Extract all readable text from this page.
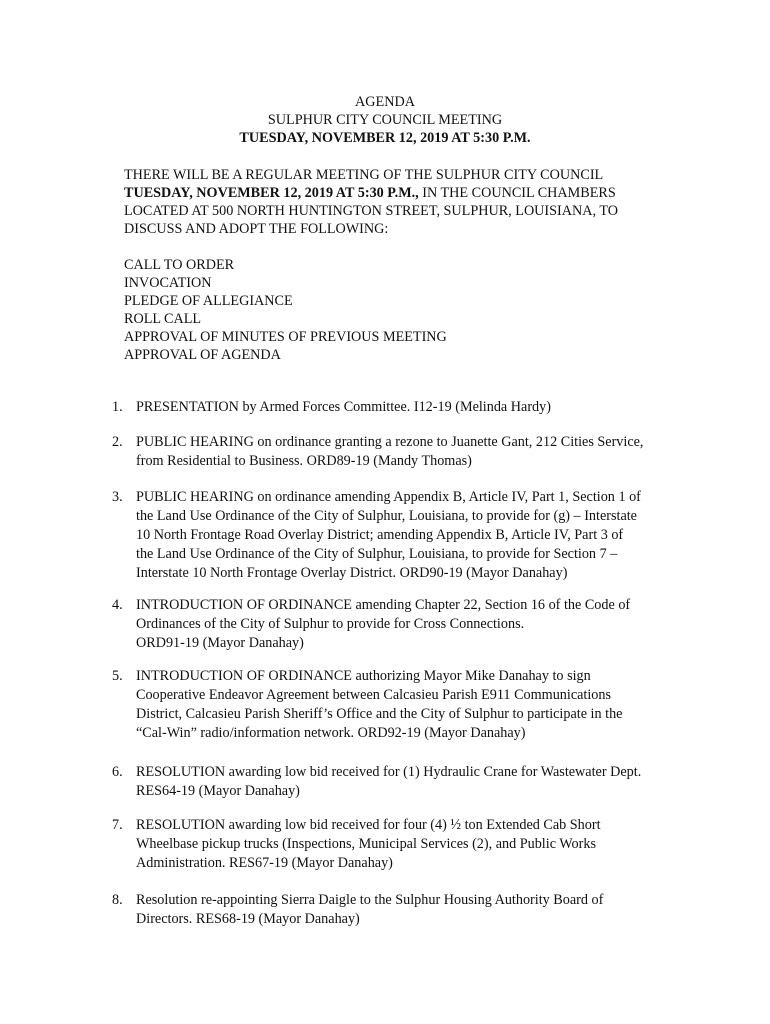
AGENDA
SULPHUR CITY COUNCIL MEETING
TUESDAY, NOVEMBER 12, 2019 AT 5:30 P.M.
THERE WILL BE A REGULAR MEETING OF THE SULPHUR CITY COUNCIL
TUESDAY, NOVEMBER 12, 2019 AT 5:30 P.M., IN THE COUNCIL CHAMBERS
LOCATED AT 500 NORTH HUNTINGTON STREET, SULPHUR, LOUISIANA, TO
DISCUSS AND ADOPT THE FOLLOWING:
CALL TO ORDER
INVOCATION
PLEDGE OF ALLEGIANCE
ROLL CALL
APPROVAL OF MINUTES OF PREVIOUS MEETING
APPROVAL OF AGENDA
1. PRESENTATION by Armed Forces Committee. I12-19 (Melinda Hardy)
2. PUBLIC HEARING on ordinance granting a rezone to Juanette Gant, 212 Cities Service,
from Residential to Business. ORD89-19 (Mandy Thomas)
3. PUBLIC HEARING on ordinance amending Appendix B, Article IV, Part 1, Section 1 of
the Land Use Ordinance of the City of Sulphur, Louisiana, to provide for (g) – Interstate
10 North Frontage Road Overlay District; amending Appendix B, Article IV, Part 3 of
the Land Use Ordinance of the City of Sulphur, Louisiana, to provide for Section 7 –
Interstate 10 North Frontage Overlay District. ORD90-19 (Mayor Danahay)
4. INTRODUCTION OF ORDINANCE amending Chapter 22, Section 16 of the Code of
Ordinances of the City of Sulphur to provide for Cross Connections.
ORD91-19 (Mayor Danahay)
5. INTRODUCTION OF ORDINANCE authorizing Mayor Mike Danahay to sign
Cooperative Endeavor Agreement between Calcasieu Parish E911 Communications
District, Calcasieu Parish Sheriff’s Office and the City of Sulphur to participate in the
“Cal-Win” radio/information network. ORD92-19 (Mayor Danahay)
6. RESOLUTION awarding low bid received for (1) Hydraulic Crane for Wastewater Dept.
RES64-19 (Mayor Danahay)
7. RESOLUTION awarding low bid received for four (4) ½ ton Extended Cab Short
Wheelbase pickup trucks (Inspections, Municipal Services (2), and Public Works
Administration. RES67-19 (Mayor Danahay)
8. Resolution re-appointing Sierra Daigle to the Sulphur Housing Authority Board of
Directors. RES68-19 (Mayor Danahay)
